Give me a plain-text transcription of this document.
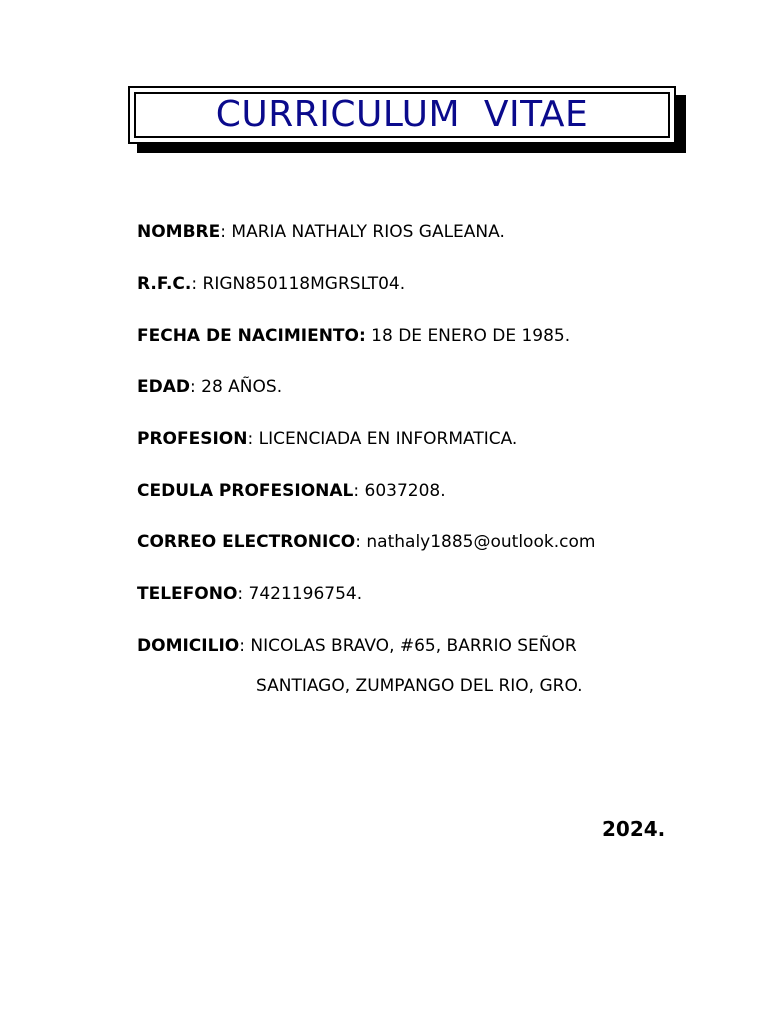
CURRICULUM  VITAE
NOMBRE: MARIA NATHALY RIOS GALEANA.
R.F.C.: RIGN850118MGRSLT04.
FECHA DE NACIMIENTO: 18 DE ENERO DE 1985.
EDAD: 28 AÑOS.
PROFESION: LICENCIADA EN INFORMATICA.
CEDULA PROFESIONAL: 6037208.
CORREO ELECTRONICO: nathaly1885@outlook.com
TELEFONO: 7421196754.
DOMICILIO: NICOLAS BRAVO, #65, BARRIO SEÑOR
SANTIAGO, ZUMPANGO DEL RIO, GRO.
2024.
